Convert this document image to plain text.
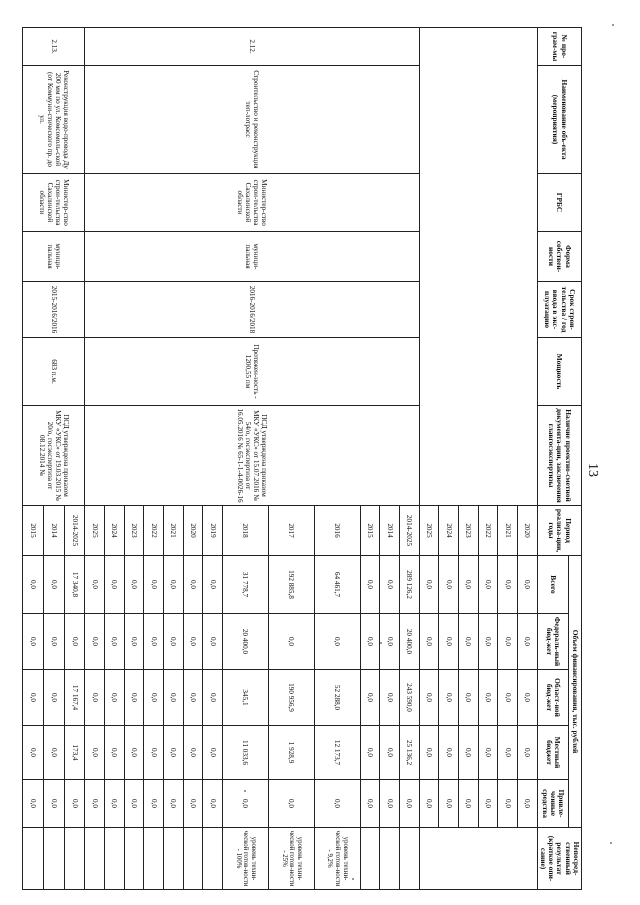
13
№ про-грам-мы	Наименование объ-екта (мероприятия)	ГРБС	Форма собствен-ности	Срок строи-тельства / год ввода в экс-плуатацию	Мощность	Наличие проектно-сметной документа-ции, заключения главгосэкспертизы	Период реализа-ции, годы	Объем финансирования, тыс. рублей					Непосред-ственный результат (краткое опи-сание)
								Всего	Федераль-ный бюд-жет	Област-ной бюд-жет	Местный бюджет	Привле-ченные средства	
							2020	0,0	0,0	0,0	0,0	0,0	
							2021	0,0	0,0	0,0	0,0	0,0	
							2022	0,0	0,0	0,0	0,0	0,0	
							2023	0,0	0,0	0,0	0,0	0,0	
							2024	0,0	0,0	0,0	0,0	0,0	
							2025	0,0	0,0	0,0	0,0	0,0	
2.12.	Строительство и реконструкция теп-лотрасс	Министер-ство строи-тельства Сахалинской области	муници-пальная	2016-2016/2018	Протяжен-ность - 1200,55 пм	ПСД утверждена приказом МКУ «УКС» от 15.07.2016 № 54/о, госэкспертиза от 16.05.2016 № 65-1-1-4-0026-16	2014-2025	289 126,2	20 400,0	243 590,0	25 136,2	0,0	
							2014	0,0	0,0	0,0	0,0	0,0	
							2015	0,0	0,0	0,0	0,0	0,0	
							2016	64 461,7	0,0	52 288,0	12 173,7	0,0	уровень техни-ческой готов-ности - 9,2%
							2017	192 885,8	0,0	190 956,9	1 928,9	0,0	уровень техни-ческой готов-ности - 25%
							2018	31 778,7	20 400,0	345,1	11 033,6	0,0	уровень техни-ческой готов-ности - 100%
							2019	0,0	0,0	0,0	0,0	0,0	
							2020	0,0	0,0	0,0	0,0	0,0	
							2021	0,0	0,0	0,0	0,0	0,0	
							2022	0,0	0,0	0,0	0,0	0,0	
							2023	0,0	0,0	0,0	0,0	0,0	
							2024	0,0	0,0	0,0	0,0	0,0	
							2025	0,0	0,0	0,0	0,0	0,0	
2.13.	Реконструкция водо-провода Ду 200 мм по ул. Комсомоль-ской (от Коммуни-стического пр. до ул.	Министер-ство строи-тельства Сахалинской области	муници-пальная	2015-2016/2016	683 п.м.	ПСД утверждена приказом МКУ «УКС» от 19.03.2015 № 20/о, госэкспертиза от 08.12.2014 №	2014-2025	17 340,8	0,0	17 167,4	173,4	0,0	
							2014	0,0	0,0	0,0	0,0	0,0	
							2015	0,0	0,0	0,0	0,0	0,0	
